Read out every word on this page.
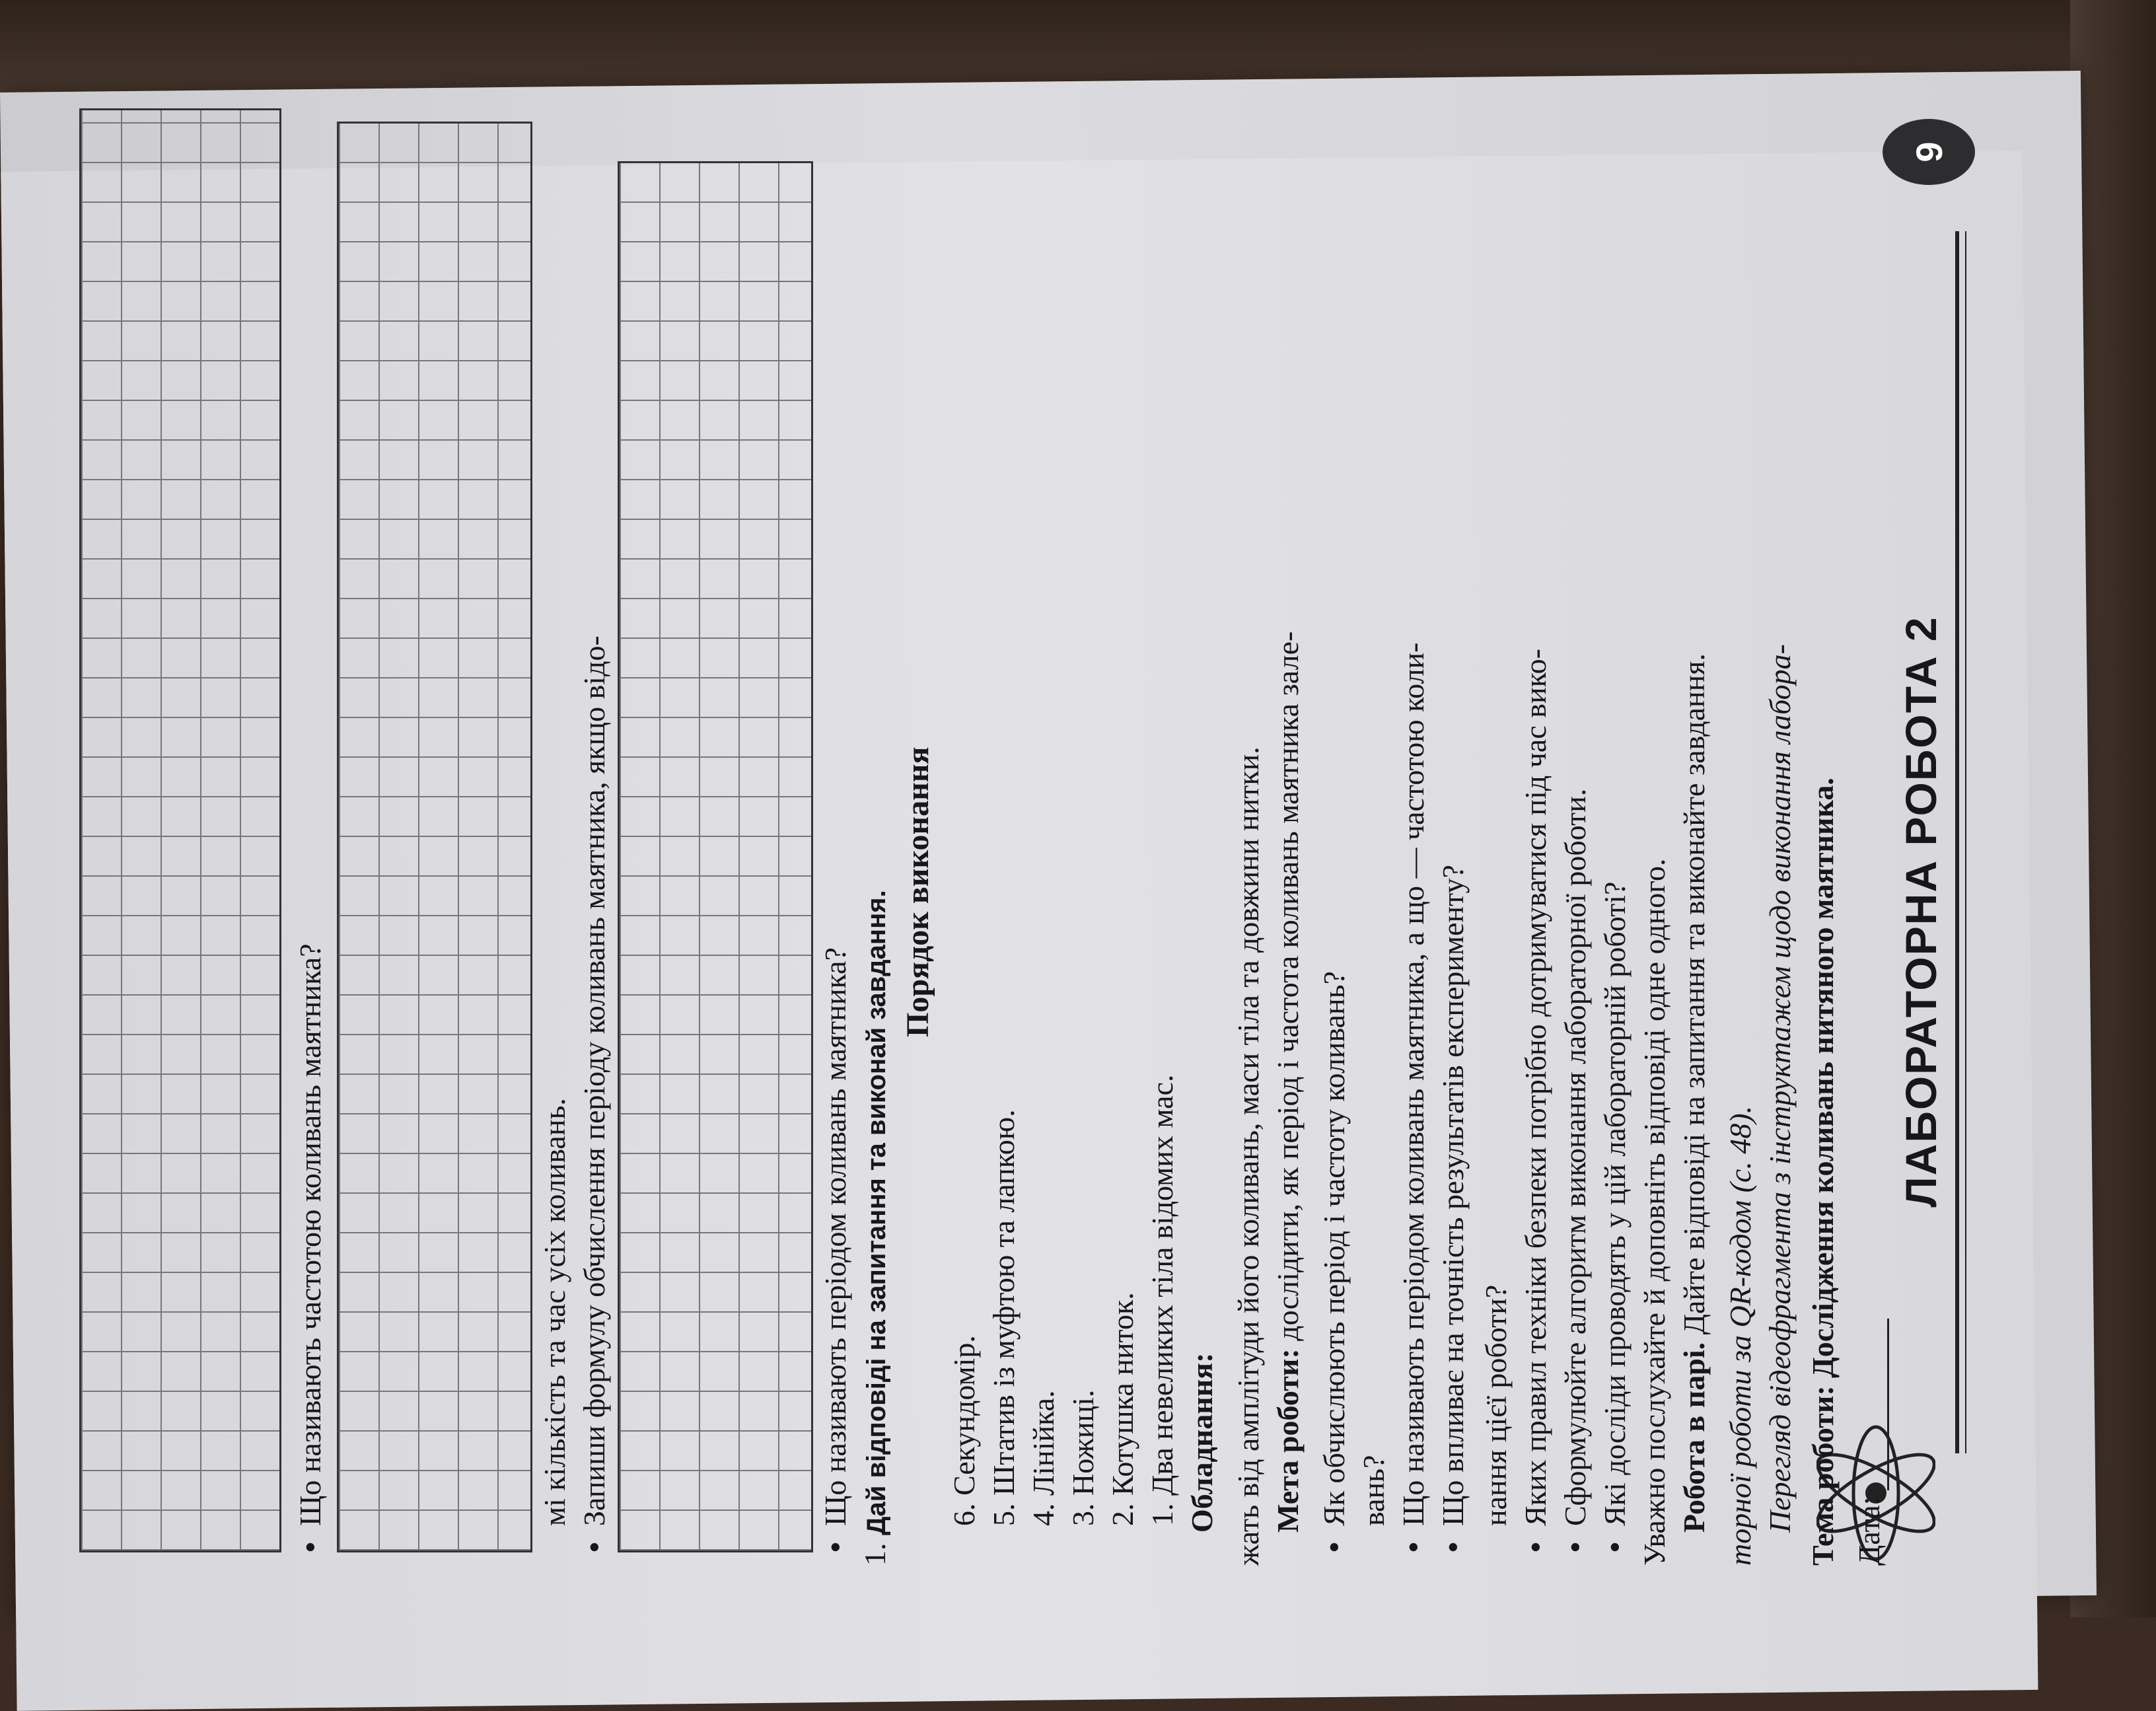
ЛАБОРАТОРНА РОБОТА 2
Дата:
Тема роботи: Дослідження коливань нитяного маятника.
Перегляд відеофрагмента з інструктажем щодо виконання лабора-
торної роботи за QR-кодом (с. 48).
Робота в парі. Дайте відповіді на запитання та виконайте завдання.
Уважно послухайте й доповніть відповіді одне одного.
• Які досліди проводять у цій лабораторній роботі?
• Сформулюйте алгоритм виконання лабораторної роботи.
• Яких правил техніки безпеки потрібно дотримуватися під час вико-
нання цієї роботи?
• Що впливає на точність результатів експерименту?
• Що називають періодом коливань маятника, а що — частотою коли-
вань?
• Як обчислюють період і частоту коливань?
Мета роботи: дослідити, як період і частота коливань маятника зале-
жать від амплітуди його коливань, маси тіла та довжини нитки.
Обладнання:
1. Два невеликих тіла відомих мас.
2. Котушка ниток.
3. Ножиці.
4. Лінійка.
5. Штатив із муфтою та лапкою.
6. Секундомір.
Порядок виконання
1. Дай відповіді на запитання та виконай завдання.
• Що називають періодом коливань маятника?
• Запиши формулу обчислення періоду коливань маятника, якщо відо-
мі кількість та час усіх коливань.
• Що називають частотою коливань маятника?
9
